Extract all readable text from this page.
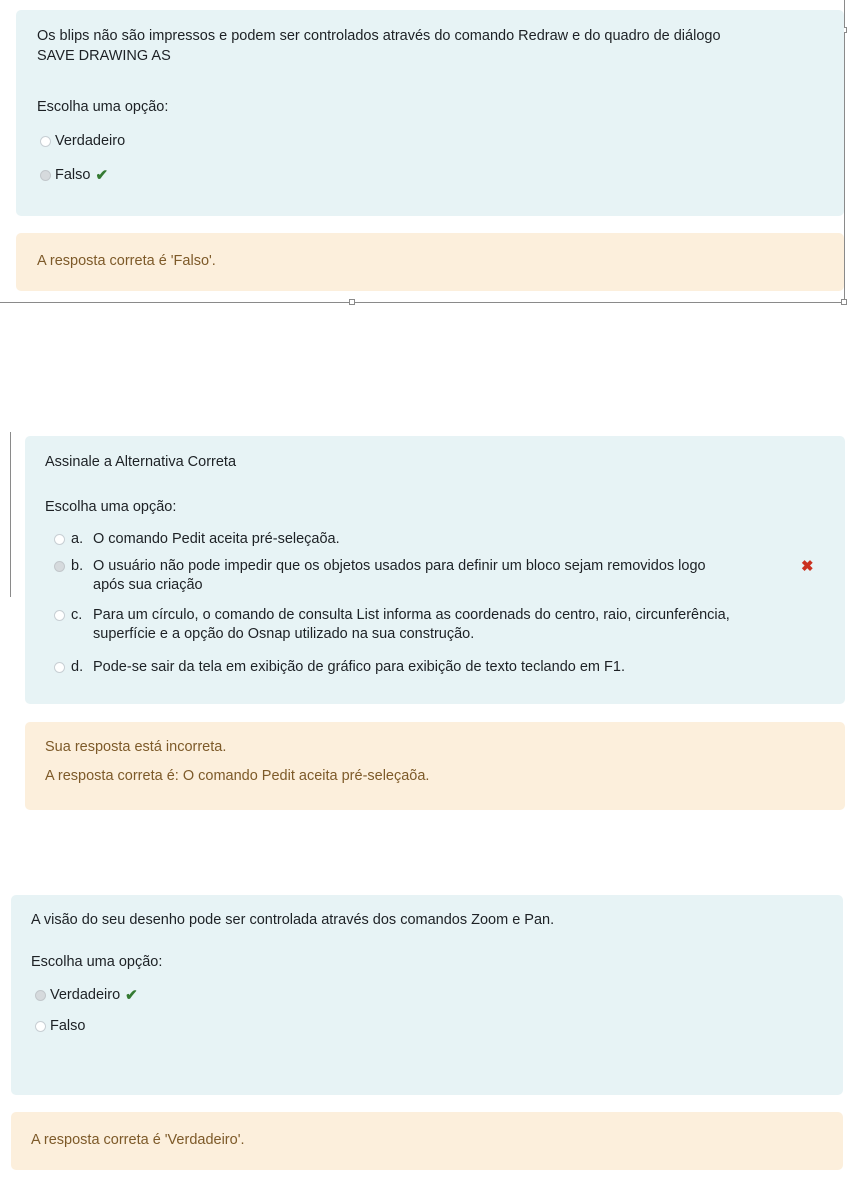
Os blips não são impressos e podem ser controlados através do comando Redraw e do quadro de diálogo
SAVE DRAWING AS
Escolha uma opção:
Verdadeiro
Falso ✔
A resposta correta é 'Falso'.
Assinale a Alternativa Correta
Escolha uma opção:
a. O comando Pedit aceita pré-seleçaõa.
b. O usuário não pode impedir que os objetos usados para definir um bloco sejam removidos logo
após sua criação
✖
c. Para um círculo, o comando de consulta List informa as coordenads do centro, raio, circunferência,
superfície e a opção do Osnap utilizado na sua construção.
d. Pode-se sair da tela em exibição de gráfico para exibição de texto teclando em F1.
Sua resposta está incorreta.
A resposta correta é: O comando Pedit aceita pré-seleçaõa.
A visão do seu desenho pode ser controlada através dos comandos Zoom e Pan.
Escolha uma opção:
Verdadeiro ✔
Falso
A resposta correta é 'Verdadeiro'.
